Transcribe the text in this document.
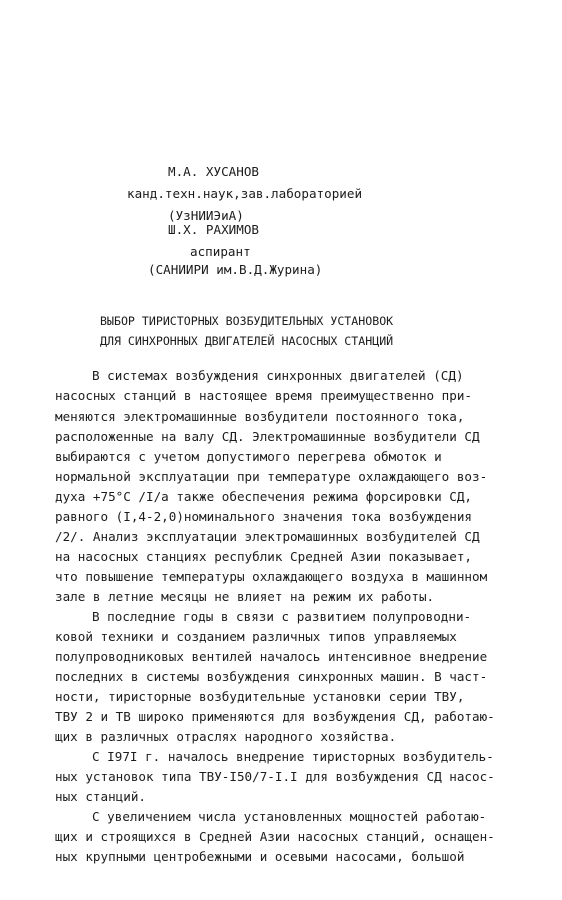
М.А. ХУСАНОВ
канд.техн.наук,зав.лабораторией
(УзНИИЭиА)
Ш.Х. РАХИМОВ
аспирант
(САНИИРИ им.В.Д.Журина)
ВЫБОР ТИРИСТОРНЫХ ВОЗБУДИТЕЛЬНЫХ УСТАНОВОК
ДЛЯ СИНХРОННЫХ ДВИГАТЕЛЕЙ НАСОСНЫХ СТАНЦИЙ
В системах возбуждения синхронных двигателей (СД)
насосных станций в настоящее время преимущественно при-
меняются электромашинные возбудители постоянного тока,
расположенные на валу СД. Электромашинные возбудители СД
выбираются с учетом допустимого перегрева обмоток и
нормальной эксплуатации при температуре охлаждающего воз-
духа +75°С /I/а также обеспечения режима форсировки СД,
равного (I,4-2,0)номинального значения тока возбуждения
/2/. Анализ эксплуатации электромашинных возбудителей СД
на насосных станциях республик Средней Азии показывает,
что повышение температуры охлаждающего воздуха в машинном
зале в летние месяцы не влияет на режим их работы.
В последние годы в связи с развитием полупроводни-
ковой техники и созданием различных типов управляемых
полупроводниковых вентилей началось интенсивное внедрение
последних в системы возбуждения синхронных машин. В част-
ности, тиристорные возбудительные установки серии ТВУ,
ТВУ 2 и ТВ широко применяются для возбуждения СД, работаю-
щих в различных отраслях народного хозяйства.
С I97I г. началось внедрение тиристорных возбудитель-
ных установок типа ТВУ-I50/7-I.I для возбуждения СД насос-
ных станций.
С увеличением числа установленных мощностей работаю-
щих и строящихся в Средней Азии насосных станций, оснащен-
ных крупными центробежными и осевыми насосами, большой
